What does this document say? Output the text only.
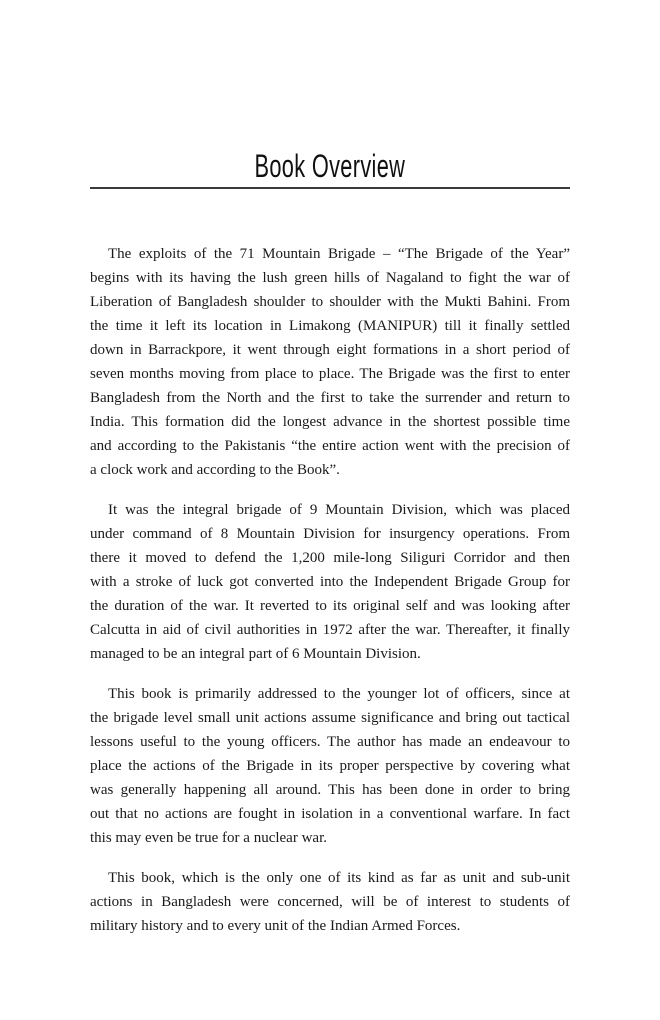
Book Overview
The exploits of the 71 Mountain Brigade – “The Brigade of the Year”
begins with its having the lush green hills of Nagaland to fight the war of
Liberation of Bangladesh shoulder to shoulder with the Mukti Bahini. From
the time it left its location in Limakong (MANIPUR) till it finally settled
down in Barrackpore, it went through eight formations in a short period of
seven months moving from place to place. The Brigade was the first to enter
Bangladesh from the North and the first to take the surrender and return to
India. This formation did the longest advance in the shortest possible time
and according to the Pakistanis “the entire action went with the precision of
a clock work and according to the Book”.
It was the integral brigade of 9 Mountain Division, which was placed
under command of 8 Mountain Division for insurgency operations. From
there it moved to defend the 1,200 mile-long Siliguri Corridor and then
with a stroke of luck got converted into the Independent Brigade Group for
the duration of the war. It reverted to its original self and was looking after
Calcutta in aid of civil authorities in 1972 after the war. Thereafter, it finally
managed to be an integral part of 6 Mountain Division.
This book is primarily addressed to the younger lot of officers, since at
the brigade level small unit actions assume significance and bring out tactical
lessons useful to the young officers. The author has made an endeavour to
place the actions of the Brigade in its proper perspective by covering what
was generally happening all around. This has been done in order to bring
out that no actions are fought in isolation in a conventional warfare. In fact
this may even be true for a nuclear war.
This book, which is the only one of its kind as far as unit and sub-unit
actions in Bangladesh were concerned, will be of interest to students of
military history and to every unit of the Indian Armed Forces.
